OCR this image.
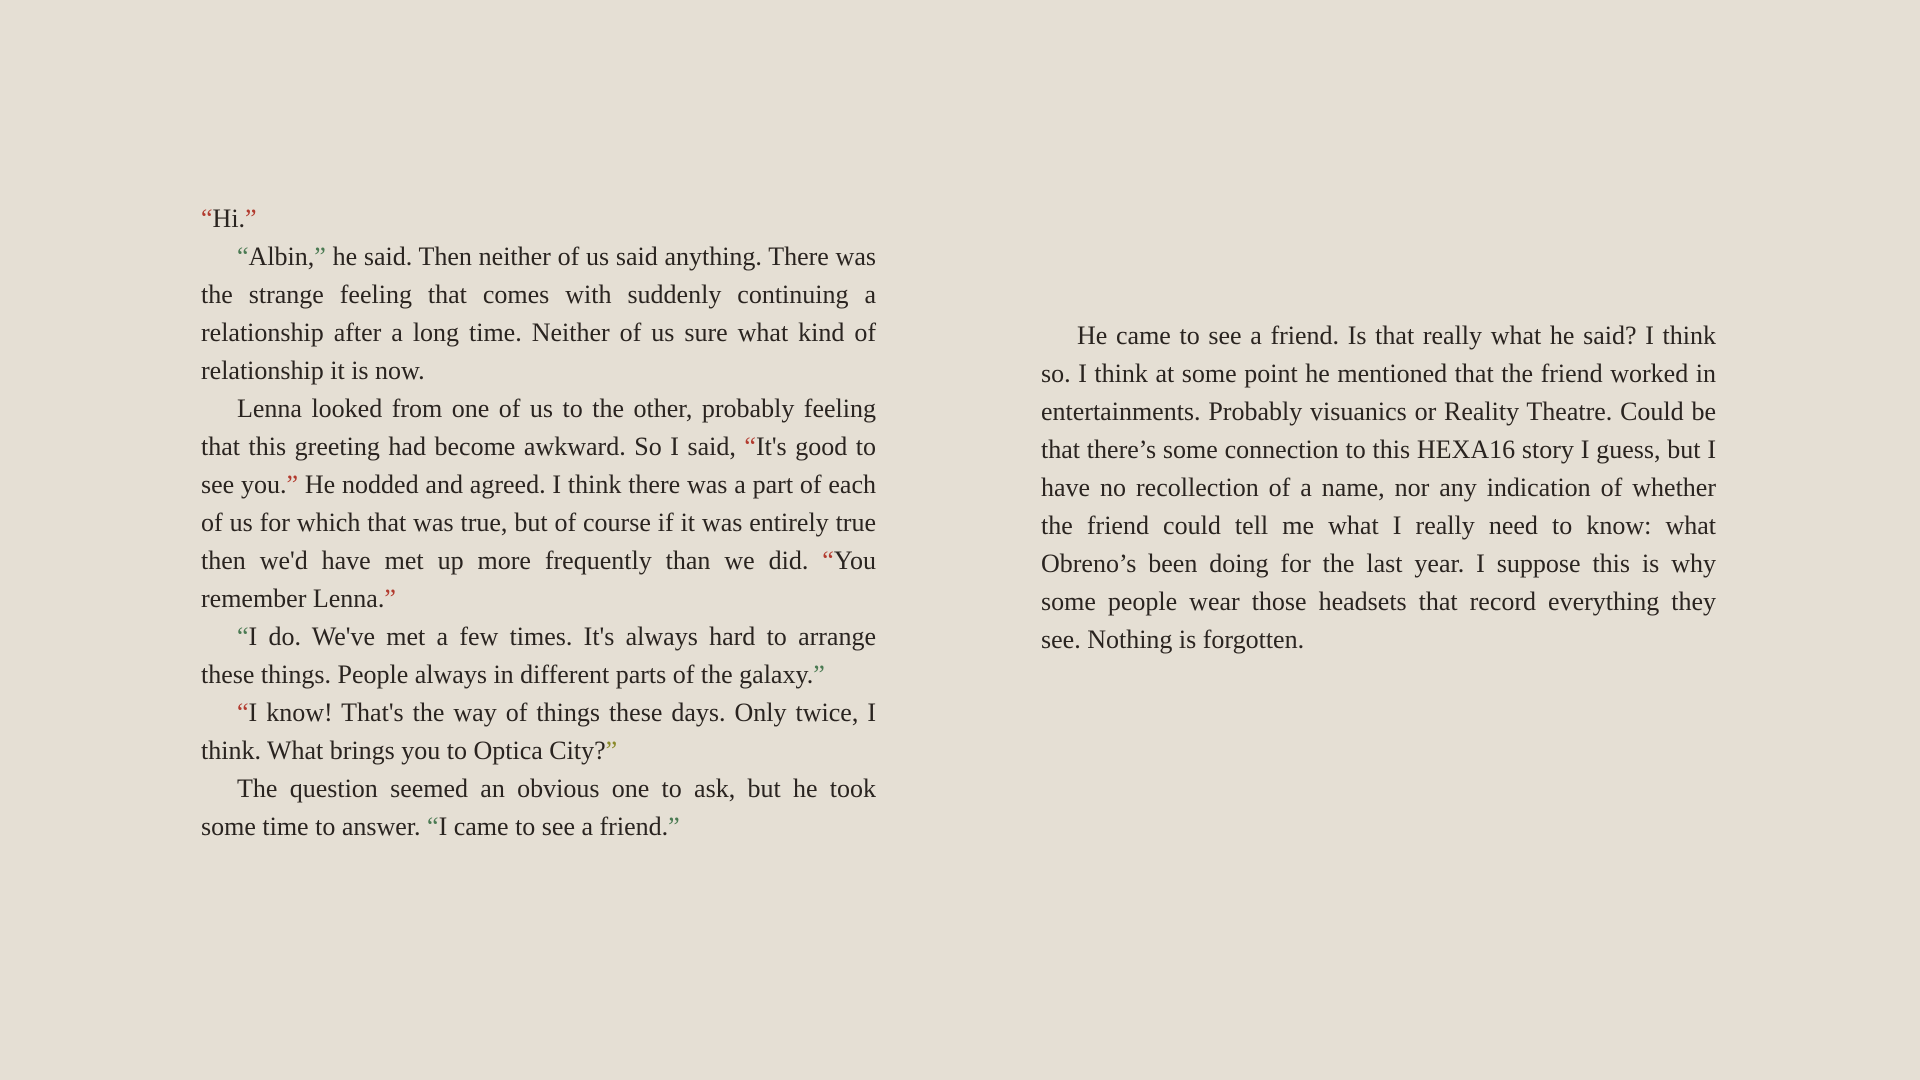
“Hi.”

“Albin,” he said. Then neither of us said anything. There was the strange feeling that comes with suddenly continuing a relationship after a long time. Neither of us sure what kind of relationship it is now.

Lenna looked from one of us to the other, probably feeling that this greeting had become awkward. So I said, “It's good to see you.” He nodded and agreed. I think there was a part of each of us for which that was true, but of course if it was entirely true then we'd have met up more frequently than we did. “You remember Lenna.”

“I do. We've met a few times. It's always hard to arrange these things. People always in different parts of the galaxy.”

“I know! That's the way of things these days. Only twice, I think. What brings you to Optica City?”

The question seemed an obvious one to ask, but he took some time to answer. “I came to see a friend.”

He came to see a friend. Is that really what he said? I think so. I think at some point he mentioned that the friend worked in entertainments. Probably visuanics or Reality Theatre. Could be that there’s some connection to this HEXA16 story I guess, but I have no recollection of a name, nor any indication of whether the friend could tell me what I really need to know: what Obreno’s been doing for the last year. I suppose this is why some people wear those headsets that record everything they see. Nothing is forgotten.
